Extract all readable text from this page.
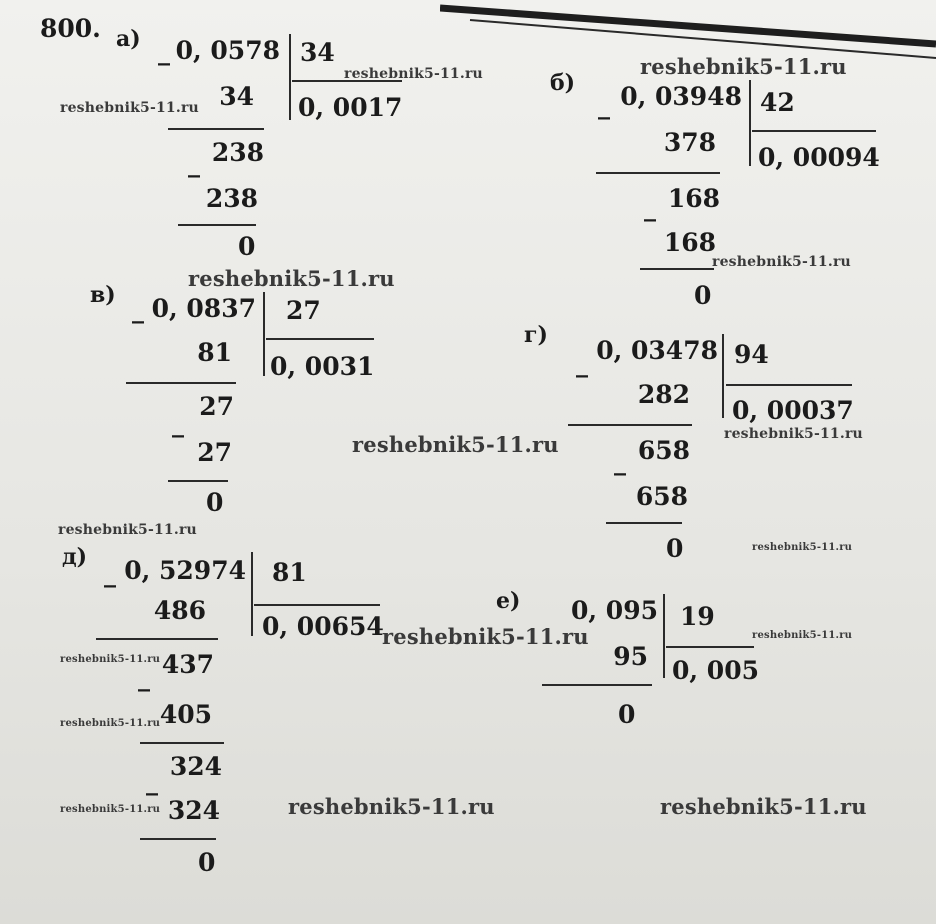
800. а) _ 0, 0578 34
0, 0017
34
_ 238
238
0
б)
_ 0, 03948 42
0, 00094
378
_ 168
168
0
в) _ 0, 0837 27
0, 0031
81
_
27
27
0
г)
_ 0, 03478 94
0, 00037
282
_ 658
658
0
д)
_ 0, 52974 81
0, 00654
486
_ 437
405
_
324
324
0
е)	0, 095 19
0, 005
95
0
reshebnik5-11.ru	reshebnik5-11.ru
reshebnik5-11.ru
reshebnik5-11.ru
reshebnik5-11.ru
reshebnik5-11.ru	reshebnik5-11.ru
reshebnik5-11.ru
reshebnik5-11.ru
reshebnik5-11.ru	reshebnik5-11.ru
reshebnik5-11.ru
reshebnik5-11.ru
reshebnik5-11.ru	reshebnik5-11.ru	reshebnik5-11.ru
